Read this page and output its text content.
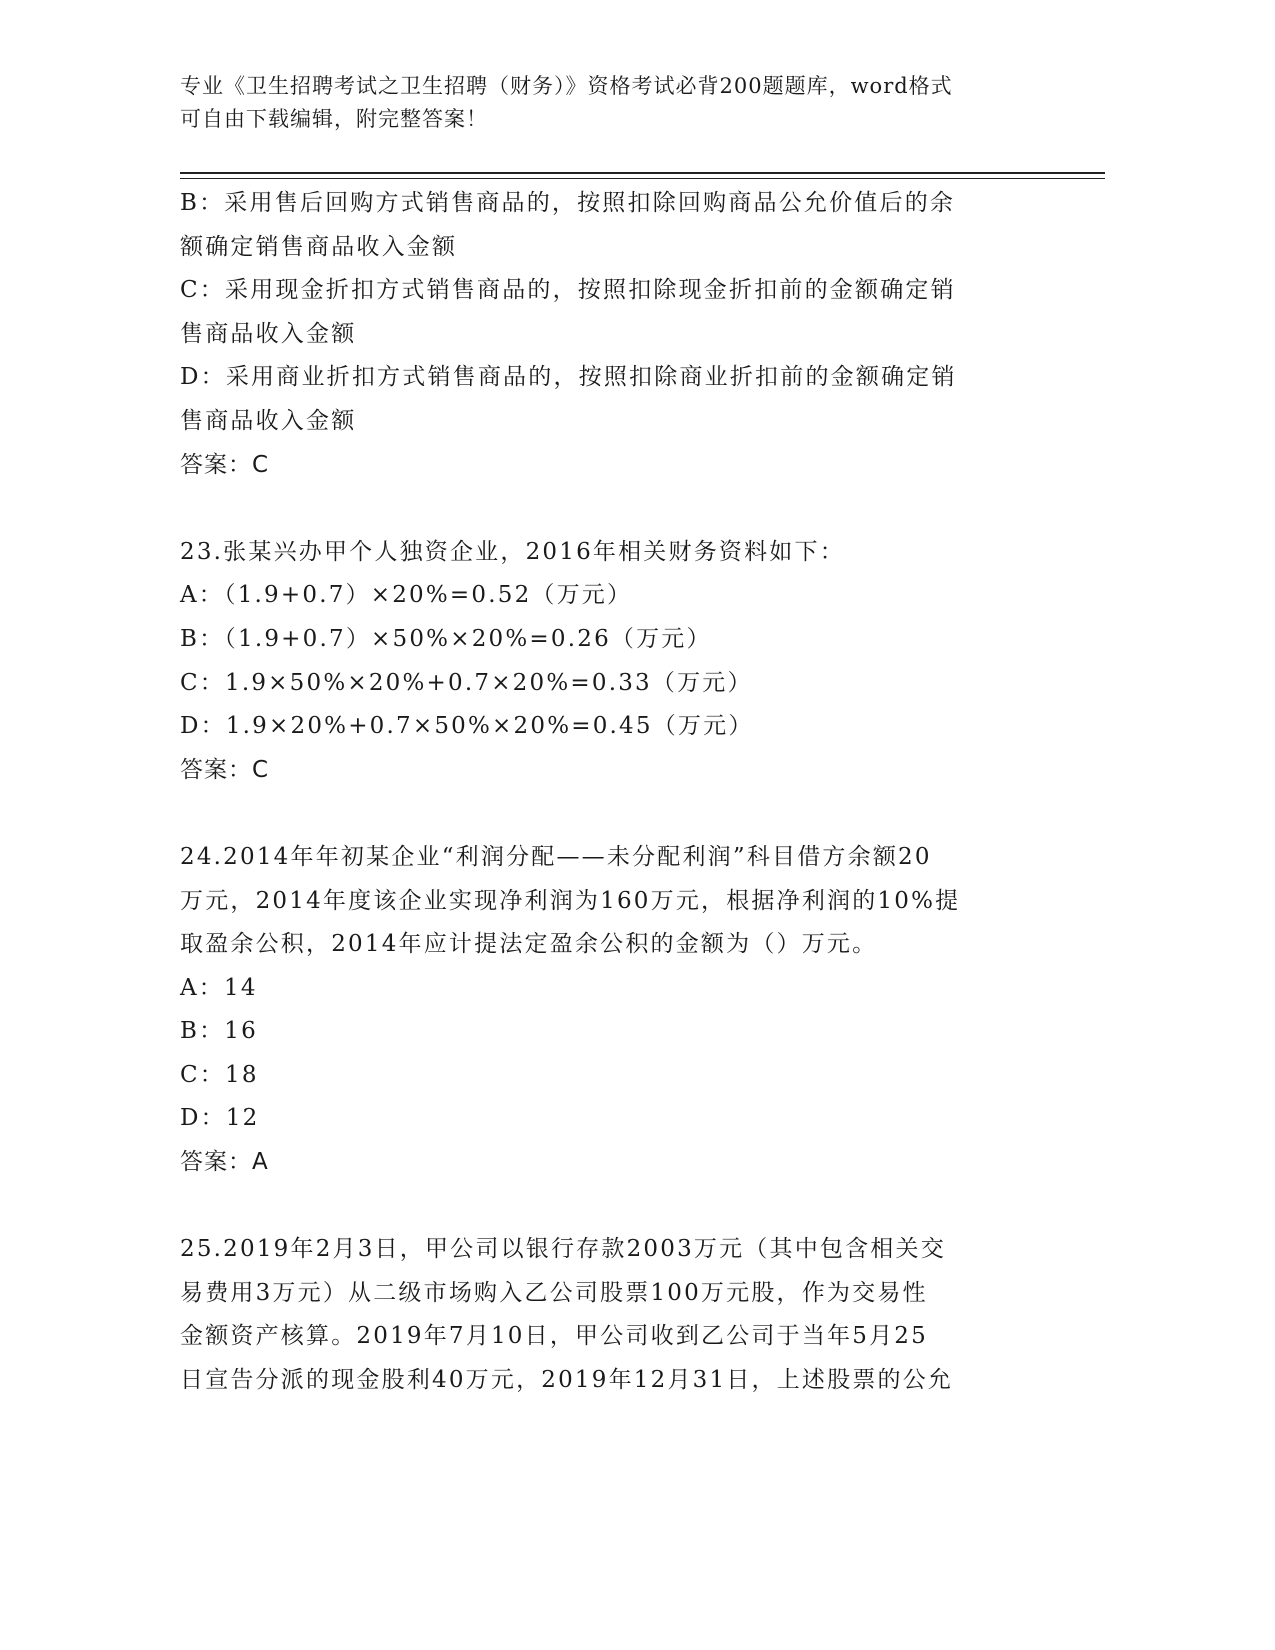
专业《卫生招聘考试之卫生招聘（财务）》资格考试必背200题题库，word格式
可自由下载编辑，附完整答案！
B：采用售后回购方式销售商品的，按照扣除回购商品公允价值后的余
额确定销售商品收入金额
C：采用现金折扣方式销售商品的，按照扣除现金折扣前的金额确定销
售商品收入金额
D：采用商业折扣方式销售商品的，按照扣除商业折扣前的金额确定销
售商品收入金额
答案：C
23.张某兴办甲个人独资企业，2016年相关财务资料如下：
A：（1.9+0.7）×20%=0.52（万元）
B：（1.9+0.7）×50%×20%=0.26（万元）
C：1.9×50%×20%+0.7×20%=0.33（万元）
D：1.9×20%+0.7×50%×20%=0.45（万元）
答案：C
24.2014年年初某企业“利润分配——未分配利润”科目借方余额20
万元，2014年度该企业实现净利润为160万元，根据净利润的10%提
取盈余公积，2014年应计提法定盈余公积的金额为（）万元。
A：14
B：16
C：18
D：12
答案：A
25.2019年2月3日，甲公司以银行存款2003万元（其中包含相关交
易费用3万元）从二级市场购入乙公司股票100万元股，作为交易性
金额资产核算。2019年7月10日，甲公司收到乙公司于当年5月25
日宣告分派的现金股利40万元，2019年12月31日，上述股票的公允
